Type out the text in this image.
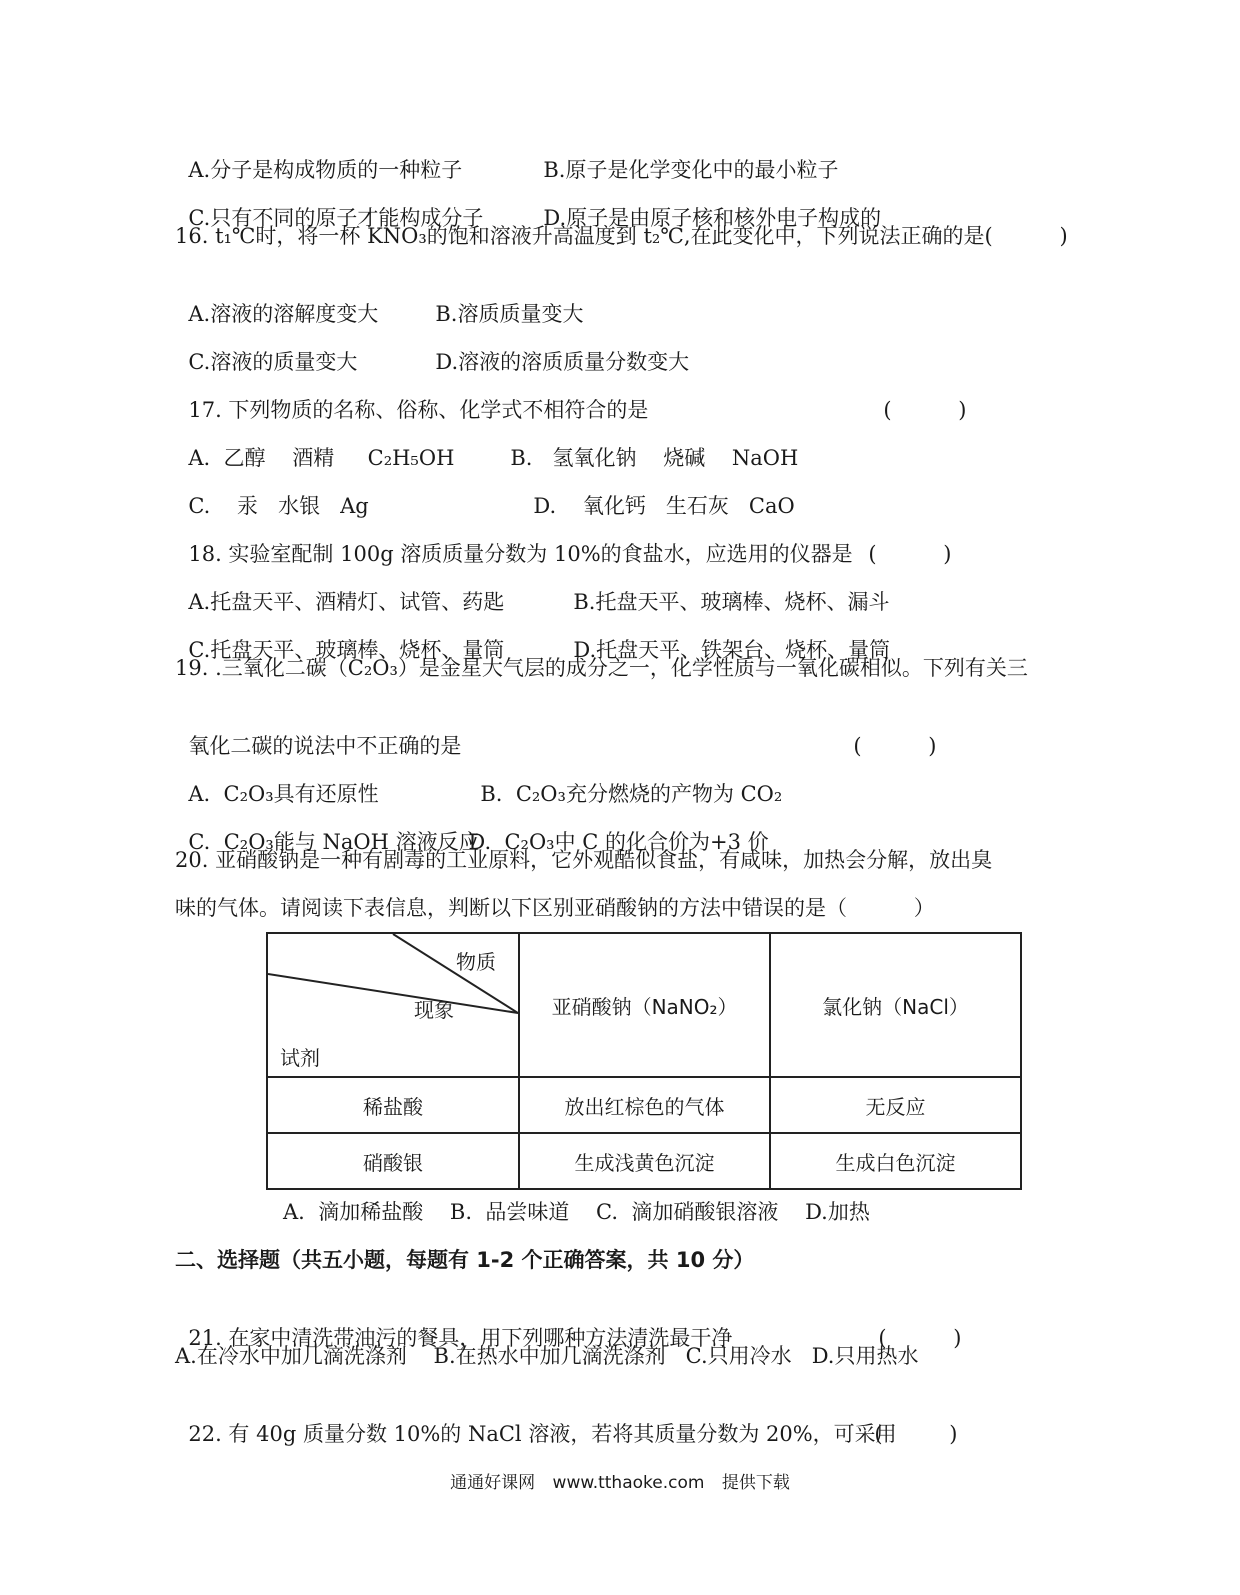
A.分子是构成物质的一种粒子	B.原子是化学变化中的最小粒子

C.只有不同的原子才能构成分子	D.原子是由原子核和核外电子构成的

16. t₁℃时，将一杯 KNO₃的饱和溶液升高温度到 t₂℃,在此变化中，下列说法正确的是(          )

A.溶液的溶解度变大	B.溶质质量变大

C.溶液的质量变大	D.溶液的溶质质量分数变大

17. 下列物质的名称、俗称、化学式不相符合的是	(          )

A.  乙醇    酒精     C₂H₅OH	B.   氢氧化钠    烧碱    NaOH

C.    汞   水银   Ag	D.    氧化钙   生石灰   CaO

18. 实验室配制 100g 溶质质量分数为 10%的食盐水，应选用的仪器是 (          )

A.托盘天平、酒精灯、试管、药匙	B.托盘天平、玻璃棒、烧杯、漏斗

C.托盘天平、玻璃棒、烧杯、量筒	D.托盘天平、铁架台、烧杯、量筒

19. .三氧化二碳（C₂O₃）是金星大气层的成分之一，化学性质与一氧化碳相似。下列有关三

氧化二碳的说法中不正确的是	(          )

A.  C₂O₃具有还原性	B.  C₂O₃充分燃烧的产物为 CO₂

C.  C₂O₃能与 NaOH 溶液反应D.  C₂O₃中 C 的化合价为+3 价

20. 亚硝酸钠是一种有剧毒的工业原料，它外观酷似食盐，有咸味，加热会分解，放出臭
味的气体。请阅读下表信息，判断以下区别亚硝酸钠的方法中错误的是（          ）
物质
现象
试剂	亚硝酸钠（NaNO₂）	氯化钠（NaCl）
稀盐酸	放出红棕色的气体	无反应
硝酸银	生成浅黄色沉淀	生成白色沉淀
A.  滴加稀盐酸    B.  品尝味道    C.  滴加硝酸银溶液    D.加热
二、选择题（共五小题，每题有 1-2 个正确答案，共 10 分）

21. 在家中清洗带油污的餐具，用下列哪种方法清洗最干净	(          )

A.在冷水中加几滴洗涤剂    B.在热水中加几滴洗涤剂   C.只用冷水   D.只用热水

22. 有 40g 质量分数 10%的 NaCl 溶液，若将其质量分数为 20%，可采用(          )

通通好课网 www.tthaoke.com 提供下载
